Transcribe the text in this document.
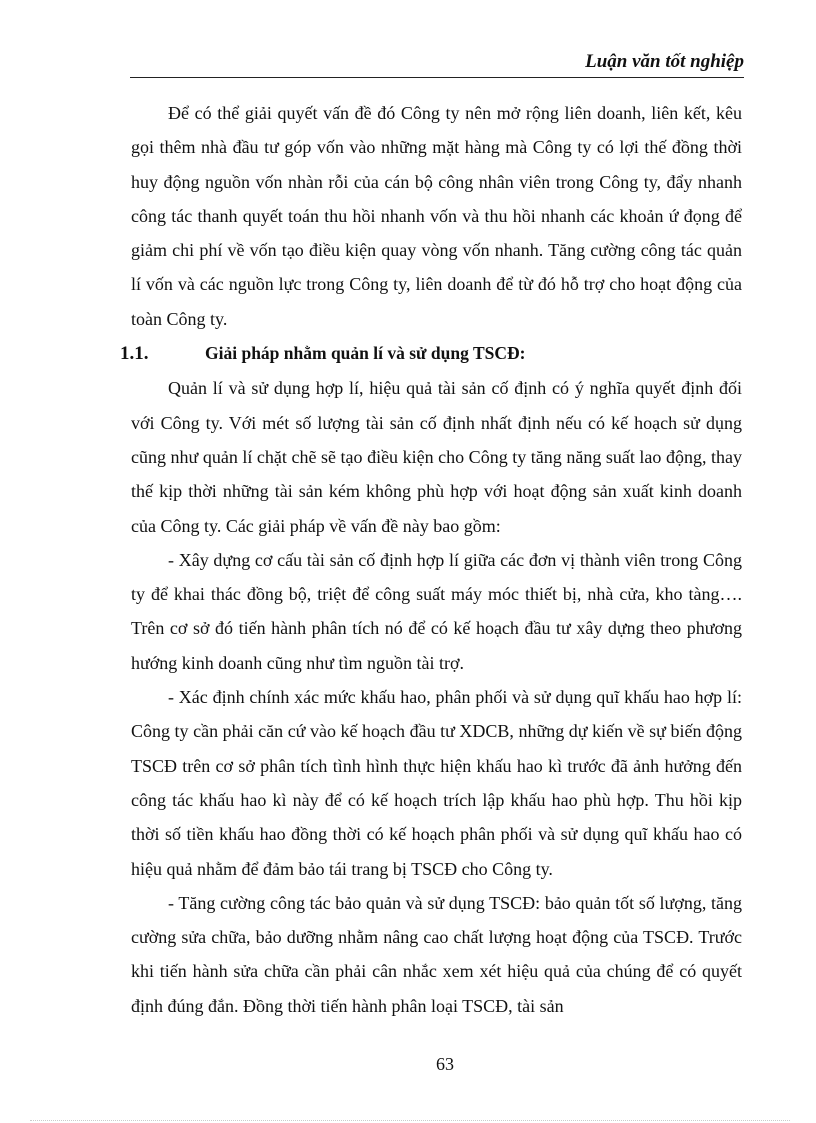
Luận văn tốt nghiệp

Để có thể giải quyết vấn đề đó Công ty nên mở rộng liên doanh, liên kết, kêu gọi thêm nhà đầu tư góp vốn vào những mặt hàng mà Công ty có lợi thế đồng thời huy động nguồn vốn nhàn rỗi của cán bộ công nhân viên trong Công ty, đẩy nhanh công tác thanh quyết toán thu hồi nhanh vốn và thu hồi nhanh các khoản ứ đọng để giảm chi phí về vốn tạo điều kiện quay vòng vốn nhanh. Tăng cường công tác quản lí vốn và các nguồn lực trong Công ty, liên doanh để từ đó hỗ trợ cho hoạt động của toàn Công ty.

1.1.	Giải pháp nhằm quản lí và sử dụng TSCĐ:

Quản lí và sử dụng hợp lí, hiệu quả tài sản cố định có ý nghĩa quyết định đối với Công ty. Với mét số lượng tài sản cố định nhất định nếu có kế hoạch sử dụng cũng như quản lí chặt chẽ sẽ tạo điều kiện cho Công ty tăng năng suất lao động, thay thế kịp thời những tài sản kém không phù hợp với hoạt động sản xuất kinh doanh của Công ty. Các giải pháp về vấn đề này bao gồm:

- Xây dựng cơ cấu tài sản cố định hợp lí giữa các đơn vị thành viên trong Công ty để khai thác đồng bộ, triệt để công suất máy móc thiết bị, nhà cửa, kho tàng…. Trên cơ sở đó tiến hành phân tích nó để có kế hoạch đầu tư xây dựng theo phương hướng kinh doanh cũng như tìm nguồn tài trợ.

- Xác định chính xác mức khấu hao, phân phối và sử dụng quĩ khấu hao hợp lí: Công ty cần phải căn cứ vào kế hoạch đầu tư XDCB, những dự kiến về sự biến động TSCĐ trên cơ sở phân tích tình hình thực hiện khấu hao kì trước đã ảnh hưởng đến công tác khấu hao kì này để có kế hoạch trích lập khấu hao phù hợp. Thu hồi kịp thời số tiền khấu hao đồng thời có kế hoạch phân phối và sử dụng quĩ khấu hao có hiệu quả nhằm để đảm bảo tái trang bị TSCĐ cho Công ty.

- Tăng cường công tác bảo quản và sử dụng TSCĐ: bảo quản tốt số lượng, tăng cường sửa chữa, bảo dưỡng nhằm nâng cao chất lượng hoạt động của TSCĐ. Trước khi tiến hành sửa chữa cần phải cân nhắc xem xét hiệu quả của chúng để có quyết định đúng đắn. Đồng thời tiến hành phân loại TSCĐ, tài sản

63
